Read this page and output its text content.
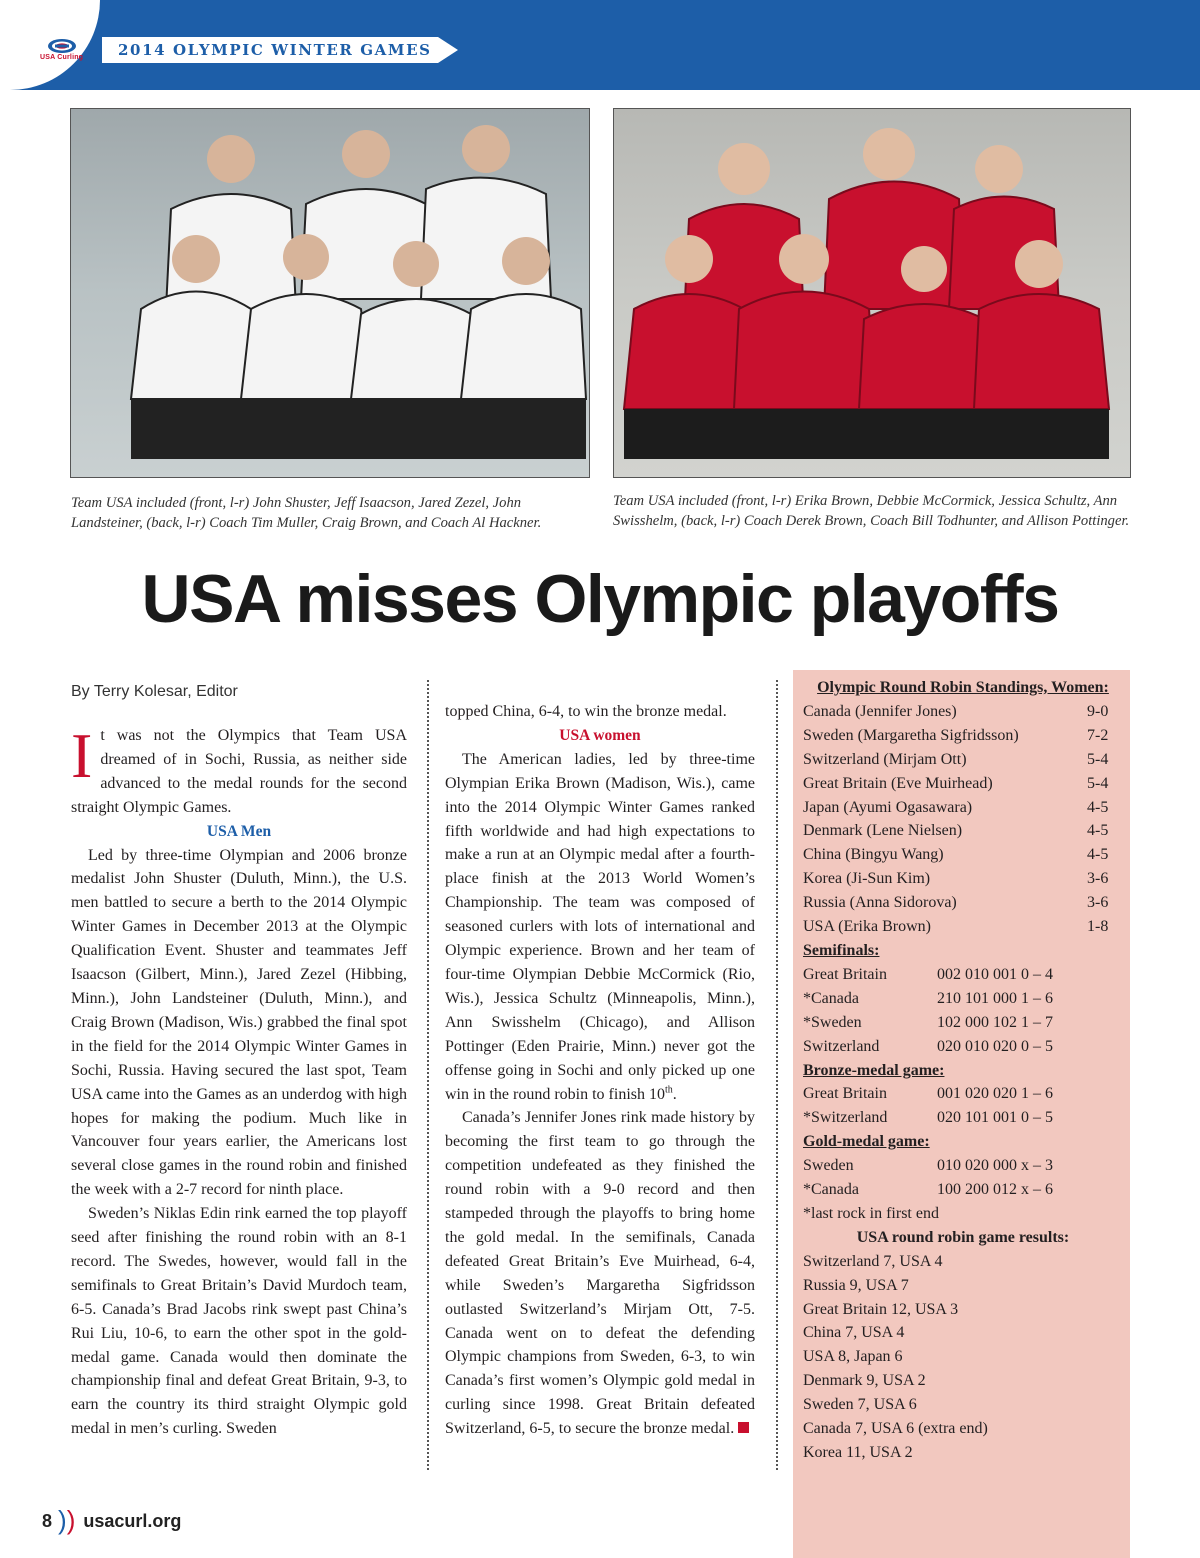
USA Curling 2014 OLYMPIC WINTER GAMES
Team USA included (front, l-r) John Shuster, Jeff Isaacson, Jared Zezel, John Landsteiner, (back, l-r) Coach Tim Muller, Craig Brown, and Coach Al Hackner.
Team USA included (front, l-r) Erika Brown, Debbie McCormick, Jessica Schultz, Ann Swisshelm, (back, l-r) Coach Derek Brown, Coach Bill Todhunter, and Allison Pottinger.
USA misses Olympic playoffs
By Terry Kolesar, Editor

It was not the Olympics that Team USA dreamed of in Sochi, Russia, as neither side advanced to the medal rounds for the second straight Olympic Games.

USA Men

Led by three-time Olympian and 2006 bronze medalist John Shuster (Duluth, Minn.), the U.S. men battled to secure a berth to the 2014 Olympic Winter Games in December 2013 at the Olympic Qualification Event. Shuster and teammates Jeff Isaacson (Gilbert, Minn.), Jared Zezel (Hibbing, Minn.), John Landsteiner (Duluth, Minn.), and Craig Brown (Madison, Wis.) grabbed the final spot in the field for the 2014 Olympic Winter Games in Sochi, Russia. Having secured the last spot, Team USA came into the Games as an underdog with high hopes for making the podium. Much like in Vancouver four years earlier, the Americans lost several close games in the round robin and finished the week with a 2-7 record for ninth place.

Sweden’s Niklas Edin rink earned the top playoff seed after finishing the round robin with an 8-1 record. The Swedes, however, would fall in the semifinals to Great Britain’s David Murdoch team, 6-5. Canada’s Brad Jacobs rink swept past China’s Rui Liu, 10-6, to earn the other spot in the gold-medal game. Canada would then dominate the championship final and defeat Great Britain, 9-3, to earn the country its third straight Olympic gold medal in men’s curling. Sweden

topped China, 6-4, to win the bronze medal.

USA women

The American ladies, led by three-time Olympian Erika Brown (Madison, Wis.), came into the 2014 Olympic Winter Games ranked fifth worldwide and had high expectations to make a run at an Olympic medal after a fourth-place finish at the 2013 World Women’s Championship. The team was composed of seasoned curlers with lots of international and Olympic experience. Brown and her team of four-time Olympian Debbie McCormick (Rio, Wis.), Jessica Schultz (Minneapolis, Minn.), Ann Swisshelm (Chicago), and Allison Pottinger (Eden Prairie, Minn.) never got the offense going in Sochi and only picked up one win in the round robin to finish 10th.

Canada’s Jennifer Jones rink made history by becoming the first team to go through the competition undefeated as they finished the round robin with a 9-0 record and then stampeded through the playoffs to bring home the gold medal. In the semifinals, Canada defeated Great Britain’s Eve Muirhead, 6-4, while Sweden’s Margaretha Sigfridsson outlasted Switzerland’s Mirjam Ott, 7-5. Canada went on to defeat the defending Olympic champions from Sweden, 6-3, to win Canada’s first women’s Olympic gold medal in curling since 1998. Great Britain defeated Switzerland, 6-5, to secure the bronze medal.

Olympic Round Robin Standings, Women:
Canada (Jennifer Jones)	9-0
Sweden (Margaretha Sigfridsson)	7-2
Switzerland (Mirjam Ott)	5-4
Great Britain (Eve Muirhead)	5-4
Japan (Ayumi Ogasawara)	4-5
Denmark (Lene Nielsen)	4-5
China (Bingyu Wang)	4-5
Korea (Ji-Sun Kim)	3-6
Russia (Anna Sidorova)	3-6
USA (Erika Brown)	1-8
Semifinals:
Great Britain	002 010 001 0 – 4
*Canada	210 101 000 1 – 6
*Sweden	102 000 102 1 – 7
Switzerland	020 010 020 0 – 5
Bronze-medal game:
Great Britain	001 020 020 1 – 6
*Switzerland	020 101 001 0 – 5
Gold-medal game:
Sweden	010 020 000 x – 3
*Canada	100 200 012 x – 6
*last rock in first end
USA round robin game results:
Switzerland 7, USA 4
Russia 9, USA 7
Great Britain 12, USA 3
China 7, USA 4
USA 8, Japan 6
Denmark 9, USA 2
Sweden 7, USA 6
Canada 7, USA 6 (extra end)
Korea 11, USA 2
8 )) usacurl.org
